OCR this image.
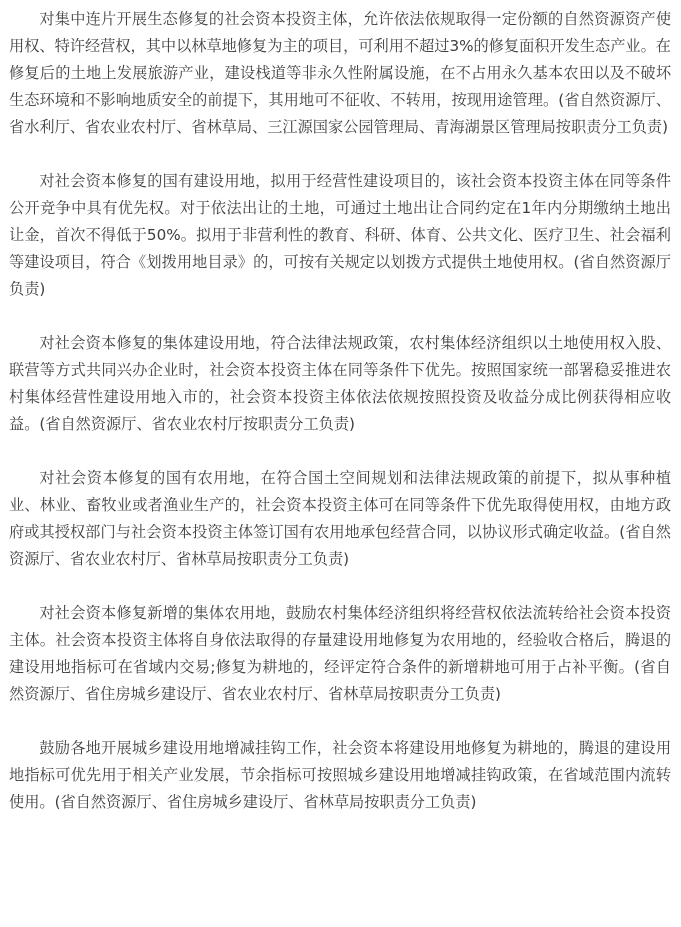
对集中连片开展生态修复的社会资本投资主体，允许依法依规取得一定份额的自然资源资产使用权、特许经营权，其中以林草地修复为主的项目，可利用不超过3%的修复面积开发生态产业。在修复后的土地上发展旅游产业，建设栈道等非永久性附属设施，在不占用永久基本农田以及不破坏生态环境和不影响地质安全的前提下，其用地可不征收、不转用，按现用途管理。(省自然资源厅、省水利厅、省农业农村厅、省林草局、三江源国家公园管理局、青海湖景区管理局按职责分工负责)

对社会资本修复的国有建设用地，拟用于经营性建设项目的，该社会资本投资主体在同等条件公开竞争中具有优先权。对于依法出让的土地，可通过土地出让合同约定在1年内分期缴纳土地出让金，首次不得低于50%。拟用于非营利性的教育、科研、体育、公共文化、医疗卫生、社会福利等建设项目，符合《划拨用地目录》的，可按有关规定以划拨方式提供土地使用权。(省自然资源厅负责)

对社会资本修复的集体建设用地，符合法律法规政策，农村集体经济组织以土地使用权入股、联营等方式共同兴办企业时，社会资本投资主体在同等条件下优先。按照国家统一部署稳妥推进农村集体经营性建设用地入市的，社会资本投资主体依法依规按照投资及收益分成比例获得相应收益。(省自然资源厅、省农业农村厅按职责分工负责)

对社会资本修复的国有农用地，在符合国土空间规划和法律法规政策的前提下，拟从事种植业、林业、畜牧业或者渔业生产的，社会资本投资主体可在同等条件下优先取得使用权，由地方政府或其授权部门与社会资本投资主体签订国有农用地承包经营合同，以协议形式确定收益。(省自然资源厅、省农业农村厅、省林草局按职责分工负责)

对社会资本修复新增的集体农用地，鼓励农村集体经济组织将经营权依法流转给社会资本投资主体。社会资本投资主体将自身依法取得的存量建设用地修复为农用地的，经验收合格后，腾退的建设用地指标可在省域内交易;修复为耕地的，经评定符合条件的新增耕地可用于占补平衡。(省自然资源厅、省住房城乡建设厅、省农业农村厅、省林草局按职责分工负责)

鼓励各地开展城乡建设用地增减挂钩工作，社会资本将建设用地修复为耕地的，腾退的建设用地指标可优先用于相关产业发展，节余指标可按照城乡建设用地增减挂钩政策，在省域范围内流转使用。(省自然资源厅、省住房城乡建设厅、省林草局按职责分工负责)
